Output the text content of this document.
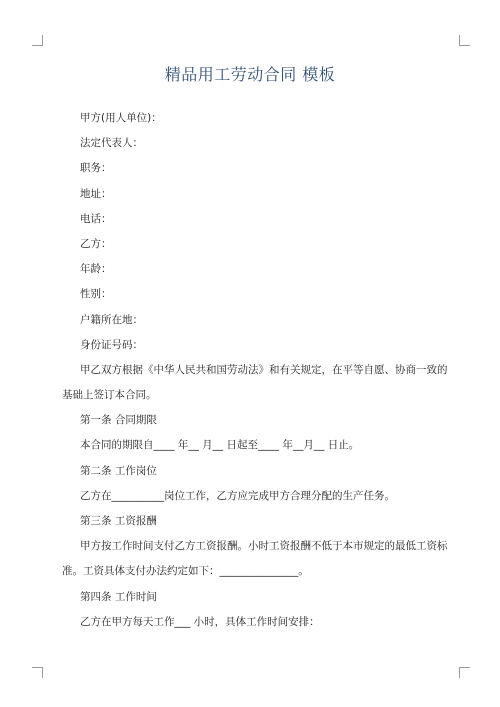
精品用工劳动合同 模板
甲方(用人单位)：
法定代表人：
职务：
地址：
电话：
乙方：
年龄：
性别：
户籍所在地：
身份证号码：
甲乙双方根据《中华人民共和国劳动法》和有关规定，在平等自愿、协商一致的
基础上签订本合同。
第一条 合同期限
本合同的期限自____ 年__ 月__ 日起至____ 年__月__ 日止。
第二条 工作岗位
乙方在__________岗位工作，乙方应完成甲方合理分配的生产任务。
第三条 工资报酬
甲方按工作时间支付乙方工资报酬。小时工资报酬不低于本市规定的最低工资标
准。工资具体支付办法约定如下：_______________。
第四条 工作时间
乙方在甲方每天工作___ 小时，具体工作时间安排：
